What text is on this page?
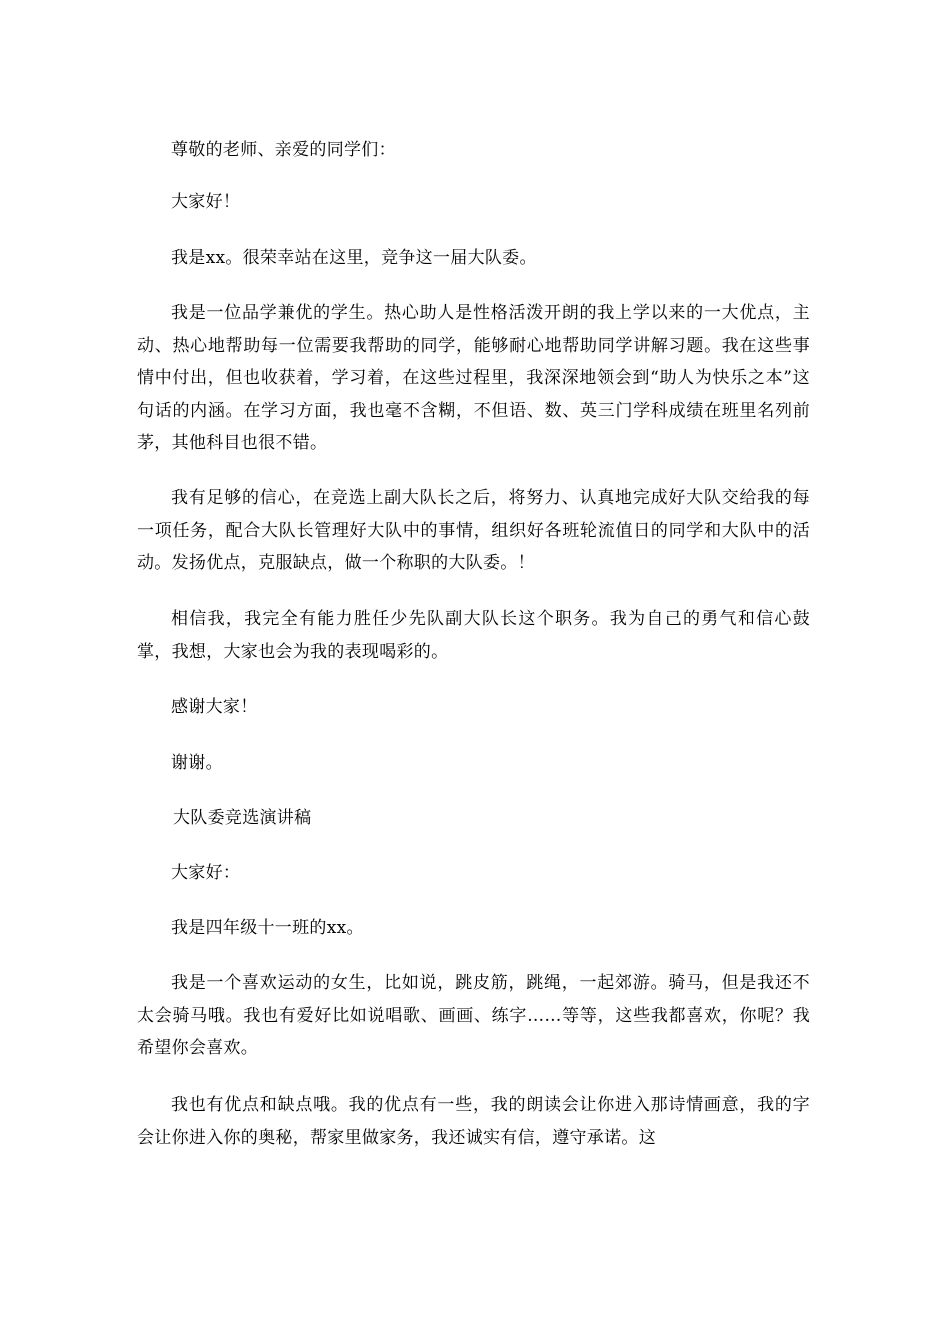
尊敬的老师、亲爱的同学们：

大家好！

我是xx。很荣幸站在这里，竞争这一届大队委。

我是一位品学兼优的学生。热心助人是性格活泼开朗的我上学以来的一大优点，主动、热心地帮助每一位需要我帮助的同学，能够耐心地帮助同学讲解习题。我在这些事情中付出，但也收获着，学习着，在这些过程里，我深深地领会到“助人为快乐之本”这句话的内涵。在学习方面，我也毫不含糊，不但语、数、英三门学科成绩在班里名列前茅，其他科目也很不错。

我有足够的信心，在竞选上副大队长之后，将努力、认真地完成好大队交给我的每一项任务，配合大队长管理好大队中的事情，组织好各班轮流值日的同学和大队中的活动。发扬优点，克服缺点，做一个称职的大队委。！

相信我，我完全有能力胜任少先队副大队长这个职务。我为自己的勇气和信心鼓掌，我想，大家也会为我的表现喝彩的。

感谢大家！

谢谢。

大队委竞选演讲稿

大家好：

我是四年级十一班的xx。

我是一个喜欢运动的女生，比如说，跳皮筋，跳绳，一起郊游。骑马，但是我还不太会骑马哦。我也有爱好比如说唱歌、画画、练字……等等，这些我都喜欢，你呢？我希望你会喜欢。

我也有优点和缺点哦。我的优点有一些，我的朗读会让你进入那诗情画意，我的字会让你进入你的奥秘，帮家里做家务，我还诚实有信，遵守承诺。这
